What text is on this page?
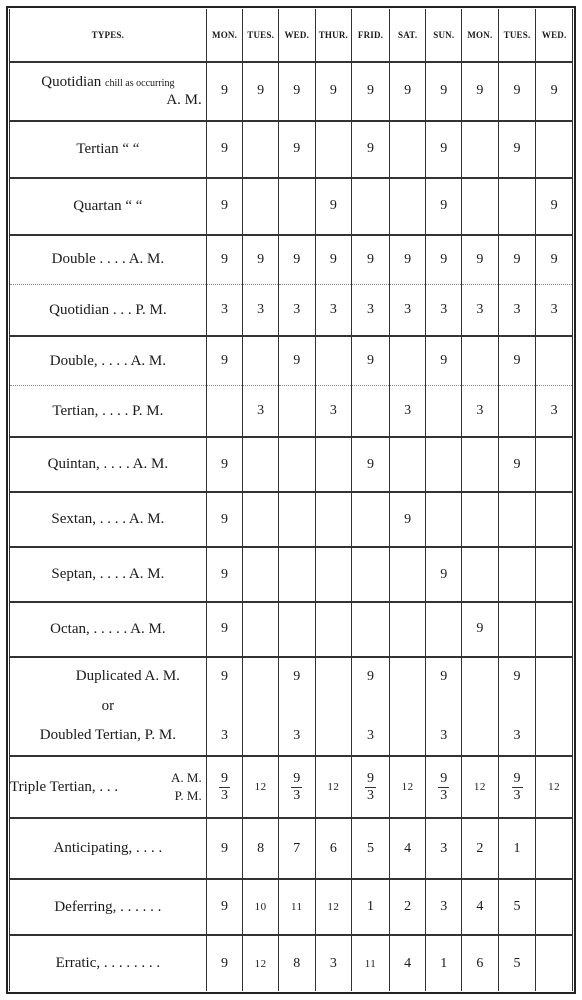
TYPES.	MON.	TUES.	WED.	THUR.	FRID.	SAT.	SUN.	MON.	TUES.	WED.

Quotidian chill as occurring
A. M.	9	9	9	9	9	9	9	9	9	9
Tertian “ “	9		9		9		9		9	
Quartan “ “	9			9			9			9
Double . . . . A. M.	9	9	9	9	9	9	9	9	9	9
Quotidian . . . P. M.	3	3	3	3	3	3	3	3	3	3
Double, . . . . A. M.	9		9		9		9		9	
Tertian, . . . . P. M.		3		3		3		3		3
Quintan, . . . . A. M.	9				9				9	
Sextan, . . . . A. M.	9					9				
Septan, . . . . A. M.	9						9			
Octan, . . . . . A. M.	9							9		
Duplicated A. M.	9		9		9		9		9	
or										
Doubled Tertian, P. M.	3		3		3		3		3	

Triple Tertian, . . .
A. M.
P. M.	$\frac{9}{3}$	12	$\frac{9}{3}$	12	$\frac{9}{3}$	12	$\frac{9}{3}$	12	$\frac{9}{3}$	12
Anticipating, . . . .	9	8	7	6	5	4	3	2	1	
Deferring, . . . . . .	9	10	11	12	1	2	3	4	5	
Erratic, . . . . . . . .	9	12	8	3	11	4	1	6	5	
